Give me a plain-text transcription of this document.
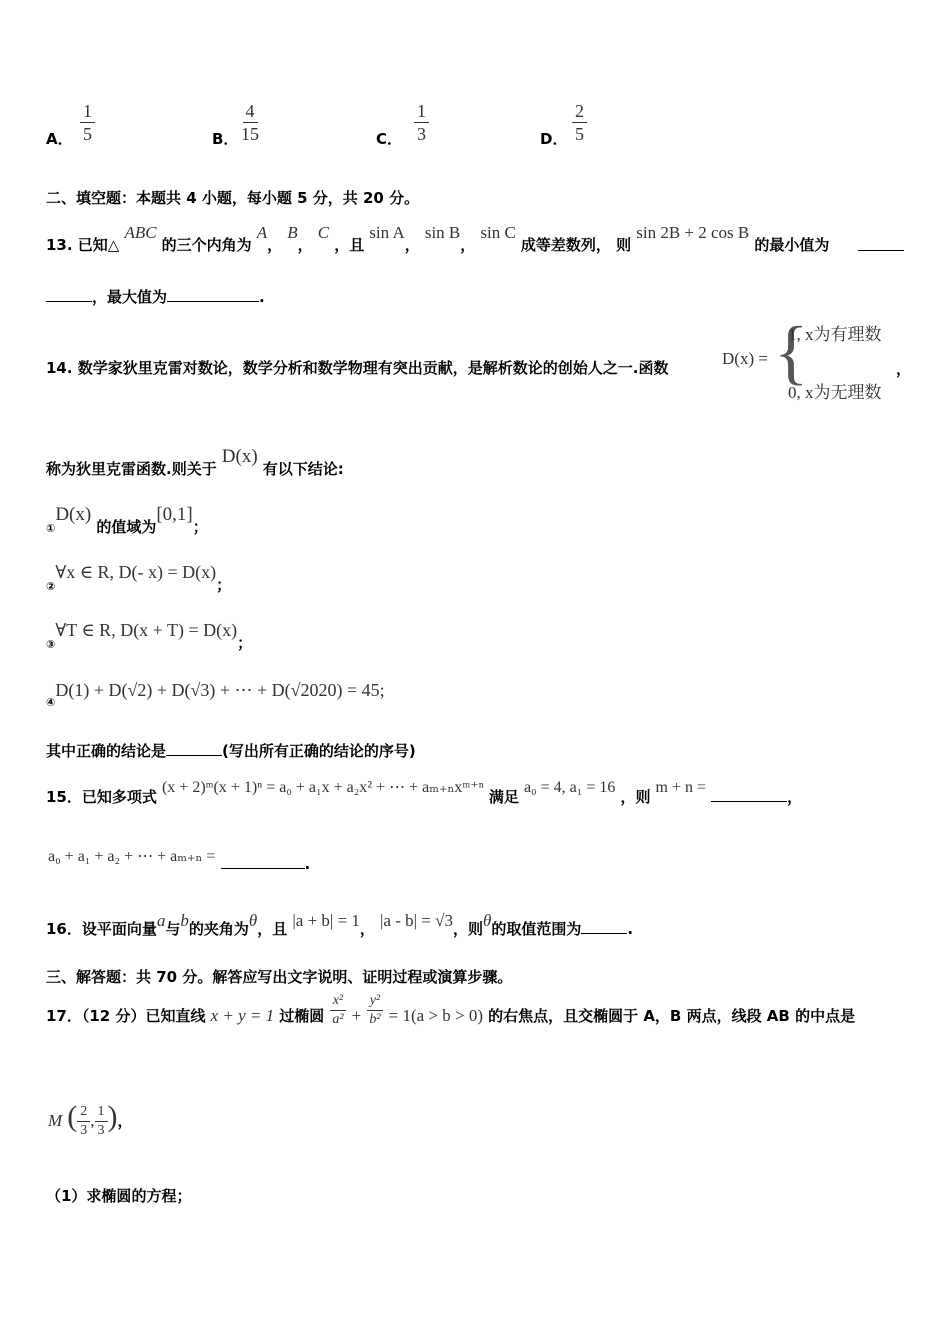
A． $\frac{1}{5}$	B． $\frac{4}{15}$	C． $\frac{1}{3}$	D． $\frac{2}{5}$
二、填空题：本题共 4 小题，每小题 5 分，共 20 分。
13. 已知△ ABC 的三个内角为 A， B， C ，且 sin A， sin B， sin C 成等差数列， 则 sin 2B + 2 cos B 的最小值为
，最大值为	.
14. 数学家狄里克雷对数论，数学分析和数学物理有突出贡献，是解析数论的创始人之一.函数	D(x) = {
1, x为有理数
0, x为无理数
，
称为狄里克雷函数.则关于 D(x) 有以下结论:
$_①$D(x) 的值域为[0,1]；
$_②$∀x ∈ R, D(- x) = D(x)；
$_③$∀T ∈ R, D(x + T) = D(x)；
$_④$D(1) + D(√2) + D(√3) + ⋯ + D(√2020) = 45;
其中正确的结论是	(写出所有正确的结论的序号)
15．已知多项式 (x + 2)ᵐ(x + 1)ⁿ = a₀ + a₁x + a₂x² + ⋯ + aₘ₊ₙxᵐ⁺ⁿ 满足 a₀ = 4, a₁ = 16 ，则 m + n = ，
a₀ + a₁ + a₂ + ⋯ + aₘ₊ₙ =	.
16．设平面向量a与b的夹角为θ，且 |a + b| = 1， |a - b| = √3，则θ的取值范围为	.
三、解答题：共 70 分。解答应写出文字说明、证明过程或演算步骤。
17．（12 分）已知直线 x + y = 1 过椭圆 $\frac{\text{x²}}{\text{a²}} + \frac{\text{y²}}{\text{b²}} = 1(a > b > 0)$ 的右焦点，且交椭圆于 A，B 两点，线段 AB 的中点是
M ( $\frac{2}{3}$ , $\frac{1}{3}$ )，
（1）求椭圆的方程；
